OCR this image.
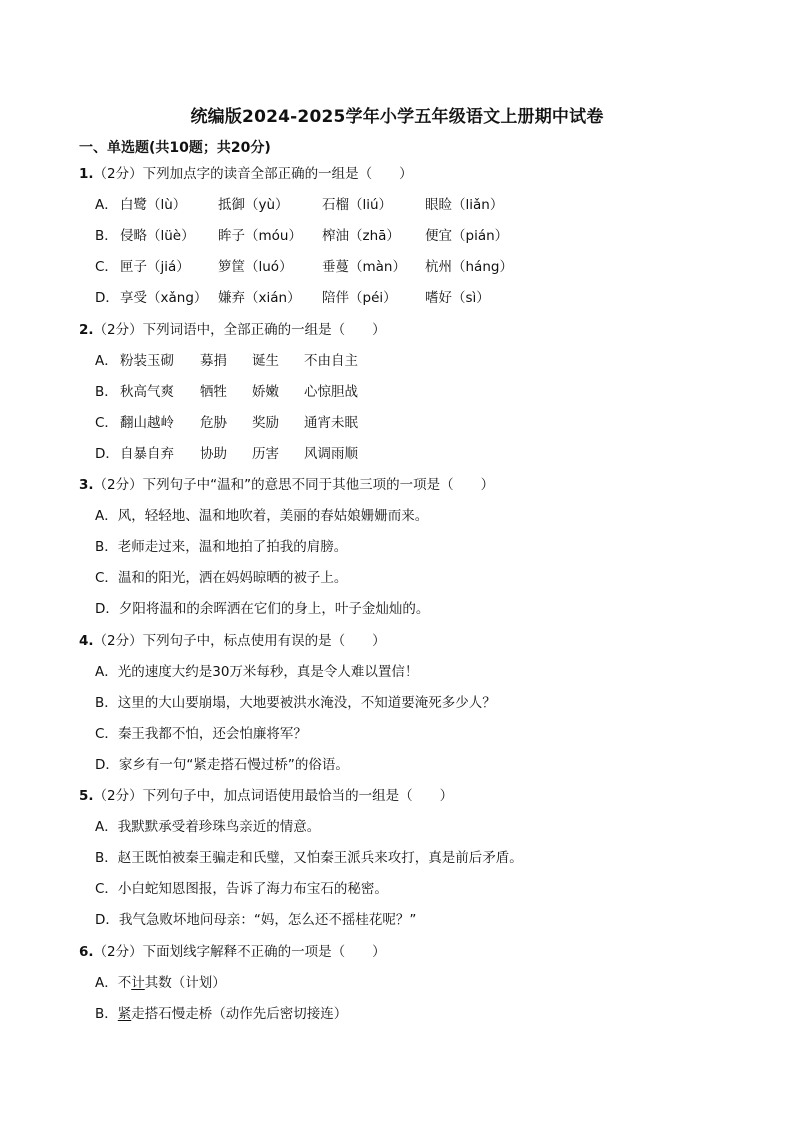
统编版2024-2025学年小学五年级语文上册期中试卷
一、单选题(共10题；共20分)
1.（2分）下列加点字的读音全部正确的一组是（　　）
A． 白鹭（lù） 抵御（yù） 石榴（liú） 眼睑（liǎn）
B． 侵略（lüè） 眸子（móu） 榨油（zhā） 便宜（pián）
C． 匣子（jiá） 箩筐（luó） 垂蔓（màn） 杭州（háng）
D． 享受（xǎng） 嫌弃（xián） 陪伴（péi） 嗜好（sì）
2.（2分）下列词语中，全部正确的一组是（　　）
A． 粉装玉砌 募捐 诞生 不由自主
B． 秋高气爽 牺牲 娇嫩 心惊胆战
C． 翻山越岭 危胁 奖励 通宵未眠
D． 自暴自弃 协助 历害 风调雨顺
3.（2分）下列句子中“温和”的意思不同于其他三项的一项是（　　）
A．风，轻轻地、温和地吹着，美丽的春姑娘姗姗而来。
B．老师走过来，温和地拍了拍我的肩膀。
C．温和的阳光，洒在妈妈晾晒的被子上。
D．夕阳将温和的余晖洒在它们的身上，叶子金灿灿的。
4.（2分）下列句子中，标点使用有误的是（　　）
A．光的速度大约是30万米每秒，真是令人难以置信！
B．这里的大山要崩塌，大地要被洪水淹没，不知道要淹死多少人？
C．秦王我都不怕，还会怕廉将军？
D．家乡有一句“紧走搭石慢过桥”的俗语。
5.（2分）下列句子中，加点词语使用最恰当的一组是（　　）
A．我默默承受着珍珠鸟亲近的情意。
B．赵王既怕被秦王骗走和氏璧，又怕秦王派兵来攻打，真是前后矛盾。
C．小白蛇知恩图报，告诉了海力布宝石的秘密。
D．我气急败坏地问母亲：“妈，怎么还不摇桂花呢？”
6.（2分）下面划线字解释不正确的一项是（　　）
A．不计其数（计划）
B．紧走搭石慢走桥（动作先后密切接连）
